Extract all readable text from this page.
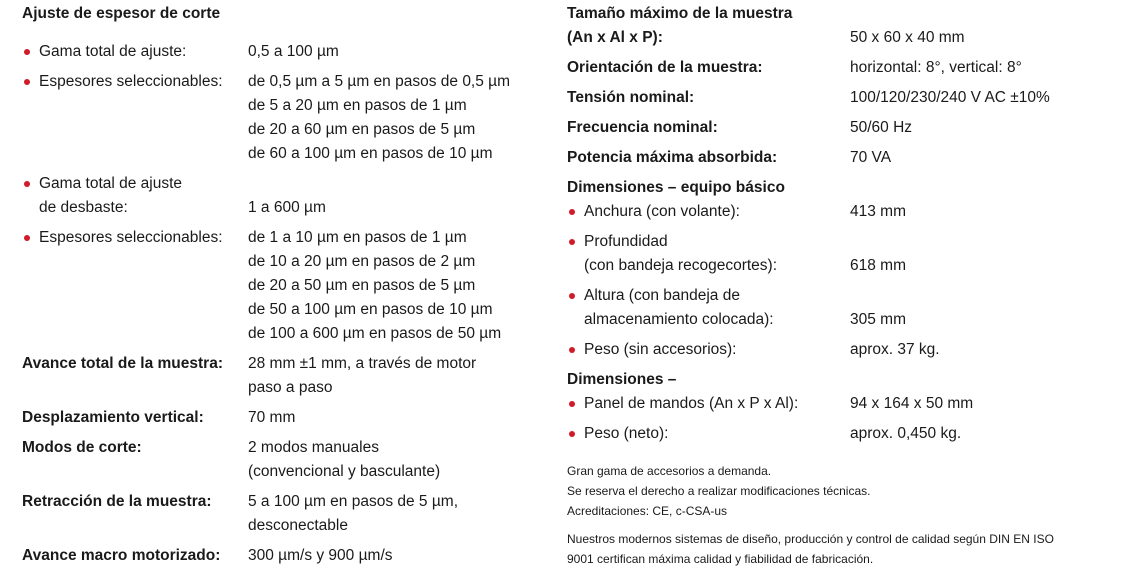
Ajuste de espesor de corte
Gama total de ajuste:	0,5 a 100 µm
Espesores seleccionables: de 0,5 µm a 5 µm en pasos de 0,5 µm
de 5 a 20 µm en pasos de 1 µm
de 20 a 60 µm en pasos de 5 µm
de 60 a 100 µm en pasos de 10 µm
Gama total de ajuste
de desbaste:	1 a 600 µm
Espesores seleccionables: de 1 a 10 µm en pasos de 1 µm
de 10 a 20 µm en pasos de 2 µm
de 20 a 50 µm en pasos de 5 µm
de 50 a 100 µm en pasos de 10 µm
de 100 a 600 µm en pasos de 50 µm
Avance total de la muestra: 28 mm ±1 mm, a través de motor
paso a paso
Desplazamiento vertical:	70 mm
Modos de corte:	2 modos manuales
(convencional y basculante)
Retracción de la muestra: 5 a 100 µm en pasos de 5 µm,
desconectable
Avance macro motorizado: 300 µm/s y 900 µm/s
Tamaño máximo de la muestra
(An x Al x P):	50 x 60 x 40 mm
Orientación de la muestra:	horizontal: 8°, vertical: 8°
Tensión nominal:	100/120/230/240 V AC ±10%
Frecuencia nominal:	50/60 Hz
Potencia máxima absorbida:	70 VA
Dimensiones – equipo básico
Anchura (con volante):	413 mm
Profundidad
(con bandeja recogecortes):	618 mm
Altura (con bandeja de
almacenamiento colocada):	305 mm
Peso (sin accesorios):	aprox. 37 kg.
Dimensiones –
Panel de mandos (An x P x Al):	94 x 164 x 50 mm
Peso (neto):	aprox. 0,450 kg.
Gran gama de accesorios a demanda.
Se reserva el derecho a realizar modificaciones técnicas.
Acreditaciones: CE, c-CSA-us
Nuestros modernos sistemas de diseño, producción y control de calidad según DIN EN ISO
9001 certifican máxima calidad y fiabilidad de fabricación.
